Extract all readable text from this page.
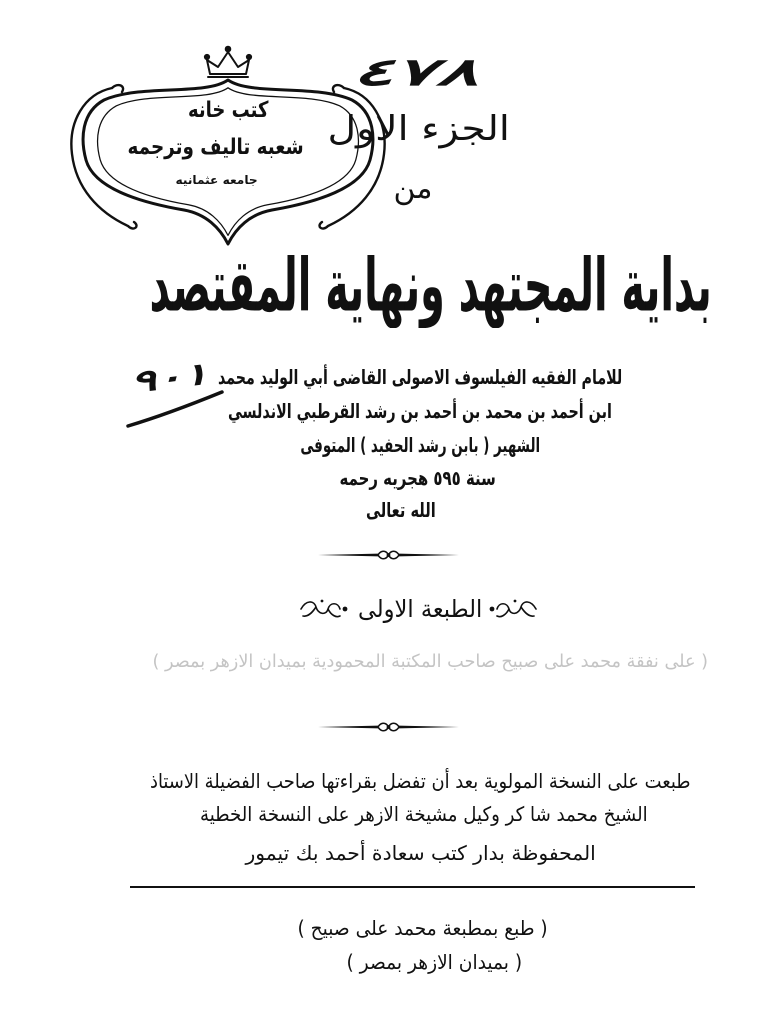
الجزء الاول
من
كتب خانه
شعبه تاليف وترجمه
جامعه عثمانيه
٤٧٨
٩٠١
بداية المجتهد ونهاية المقتصد
للامام الفقيه الفيلسوف الاصولى القاضى أبي الوليد محمد
ابن أحمد بن محمد بن أحمد بن رشد القرطبي الاندلسي
الشهير ( بابن رشد الحفيد ) المتوفى
سنة ٥٩٥ هجريه رحمه
الله تعالى
الطبعة الاولى
( على نفقة محمد على صبيح صاحب المكتبة المحمودية بميدان الازهر بمصر )
طبعت على النسخة المولوية بعد أن تفضل بقراءتها صاحب الفضيلة الاستاذ
الشيخ محمد شا كر وكيل مشيخة الازهر على النسخة الخطية
المحفوظة بدار كتب سعادة أحمد بك تيمور
( طبع بمطبعة محمد على صبيح )
( بميدان الازهر بمصر )
